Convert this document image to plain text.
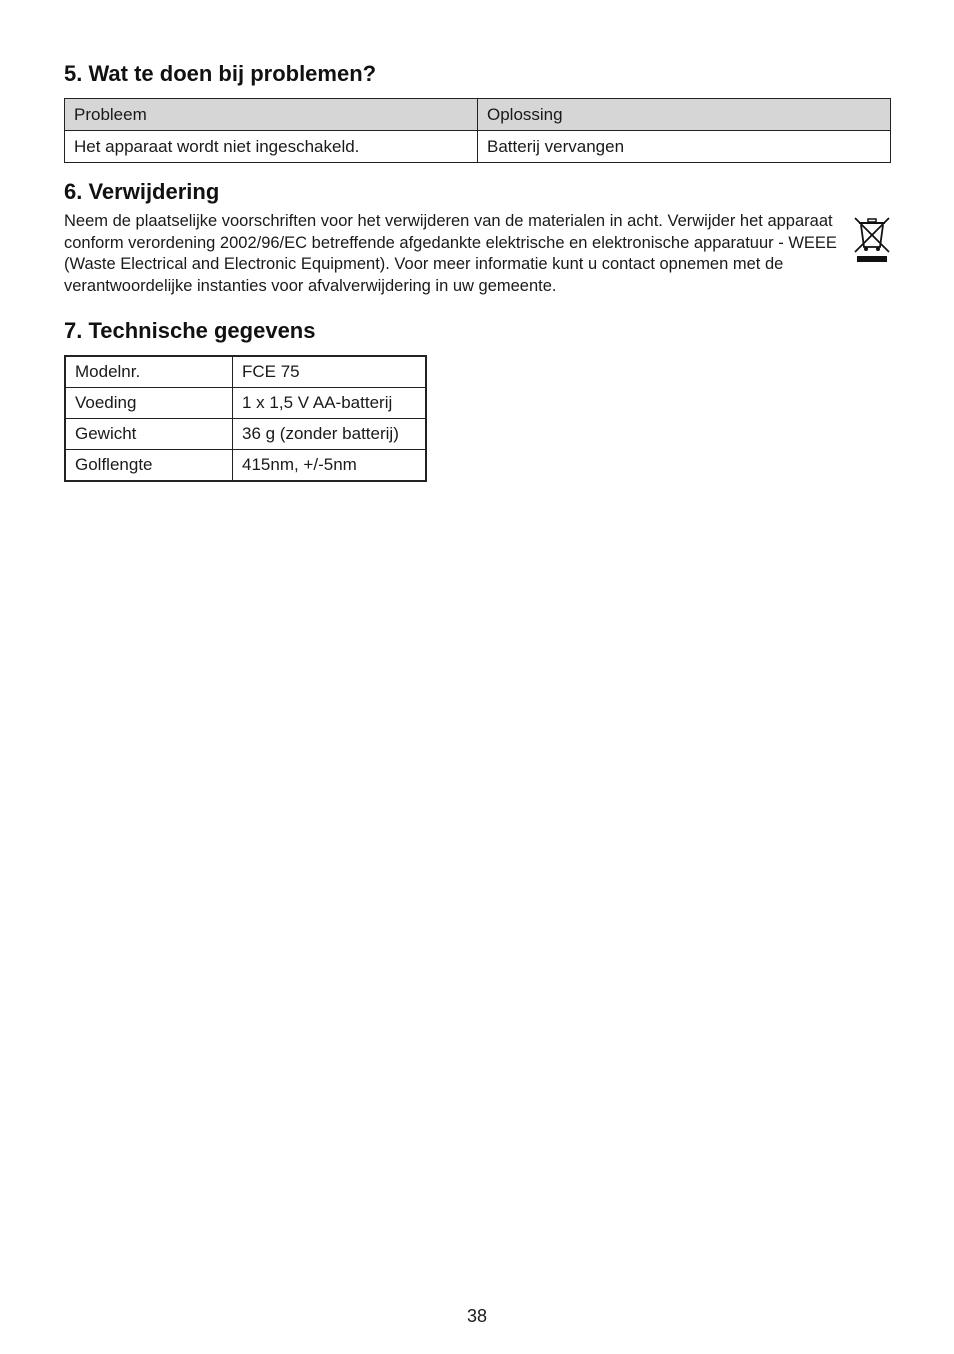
5. Wat te doen bij problemen?
Probleem	Oplossing
Het apparaat wordt niet ingeschakeld.	Batterij vervangen
6. Verwijdering

Neem de plaatselijke voorschriften voor het verwijderen van de materialen in acht. Verwijder het apparaat conform verordening 2002/96/EC betreffende afgedankte elektrische en elektronische apparatuur - WEEE (Waste Electrical and Electronic Equipment). Voor meer informatie kunt u contact opnemen met de verantwoordelijke instanties voor afvalverwijdering in uw gemeente.

7. Technische gegevens
Modelnr.	FCE 75
Voeding	1 x 1,5 V AA-batterij
Gewicht	36 g (zonder batterij)
Golflengte	415nm, +/-5nm
38
